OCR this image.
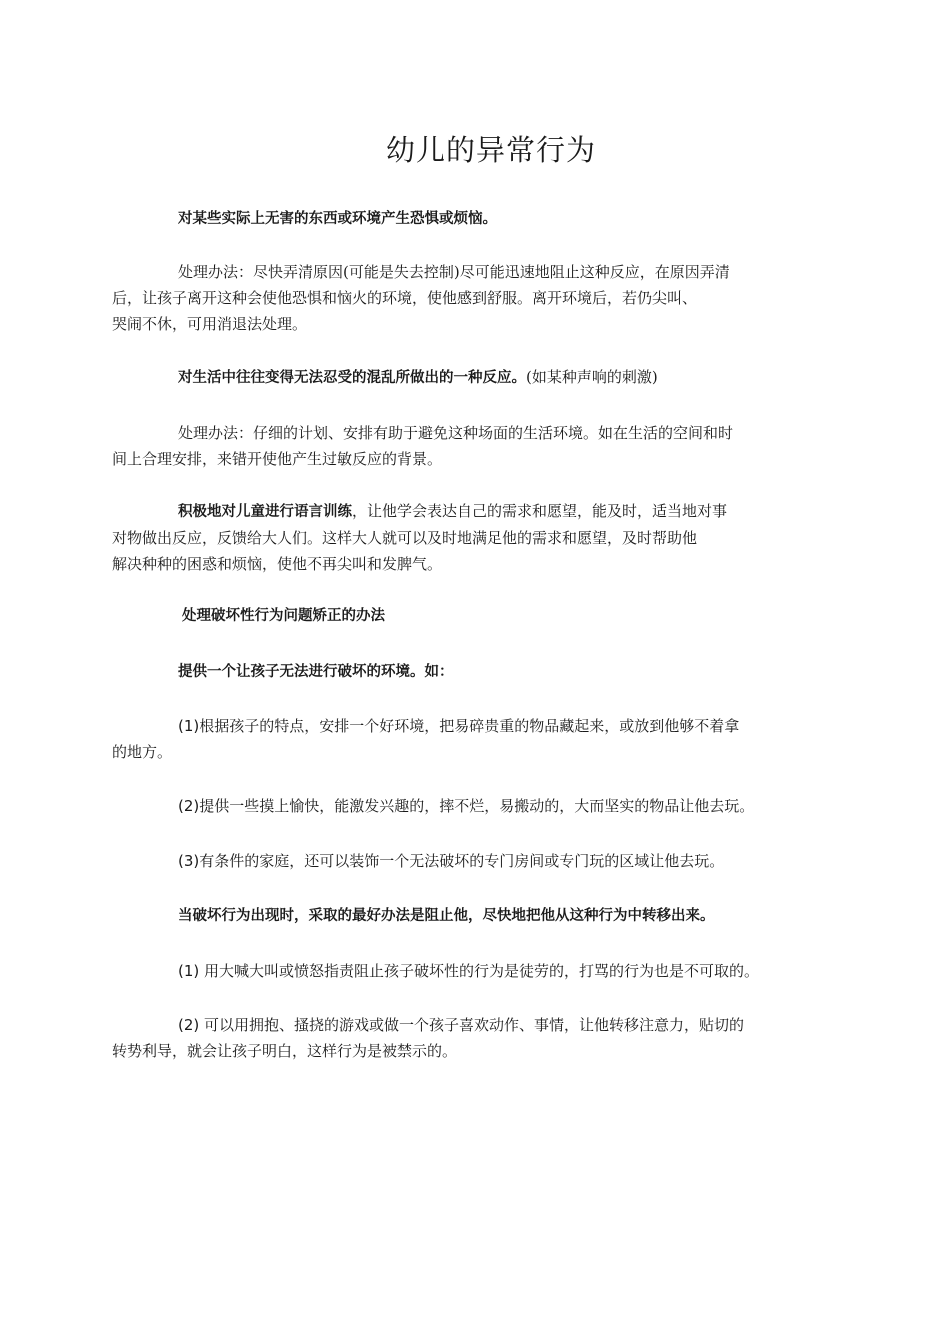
幼儿的异常行为

对某些实际上无害的东西或环境产生恐惧或烦恼。

处理办法：尽快弄清原因(可能是失去控制)尽可能迅速地阻止这种反应，在原因弄清
后，让孩子离开这种会使他恐惧和恼火的环境，使他感到舒服。离开环境后，若仍尖叫、
哭闹不休，可用消退法处理。

对生活中往往变得无法忍受的混乱所做出的一种反应。(如某种声响的刺激)

处理办法：仔细的计划、安排有助于避免这种场面的生活环境。如在生活的空间和时
间上合理安排，来错开使他产生过敏反应的背景。

积极地对儿童进行语言训练，让他学会表达自己的需求和愿望，能及时，适当地对事
对物做出反应，反馈给大人们。这样大人就可以及时地满足他的需求和愿望，及时帮助他
解决种种的困惑和烦恼，使他不再尖叫和发脾气。

处理破坏性行为问题矫正的办法

提供一个让孩子无法进行破坏的环境。如：

(1)根据孩子的特点，安排一个好环境，把易碎贵重的物品藏起来，或放到他够不着拿
的地方。

(2)提供一些摸上愉快，能激发兴趣的，摔不烂，易搬动的，大而坚实的物品让他去玩。

(3)有条件的家庭，还可以装饰一个无法破坏的专门房间或专门玩的区域让他去玩。

当破坏行为出现时，采取的最好办法是阻止他，尽快地把他从这种行为中转移出来。

(1) 用大喊大叫或愤怒指责阻止孩子破坏性的行为是徒劳的，打骂的行为也是不可取的。

(2) 可以用拥抱、搔挠的游戏或做一个孩子喜欢动作、事情，让他转移注意力，贴切的
转势利导，就会让孩子明白，这样行为是被禁示的。
